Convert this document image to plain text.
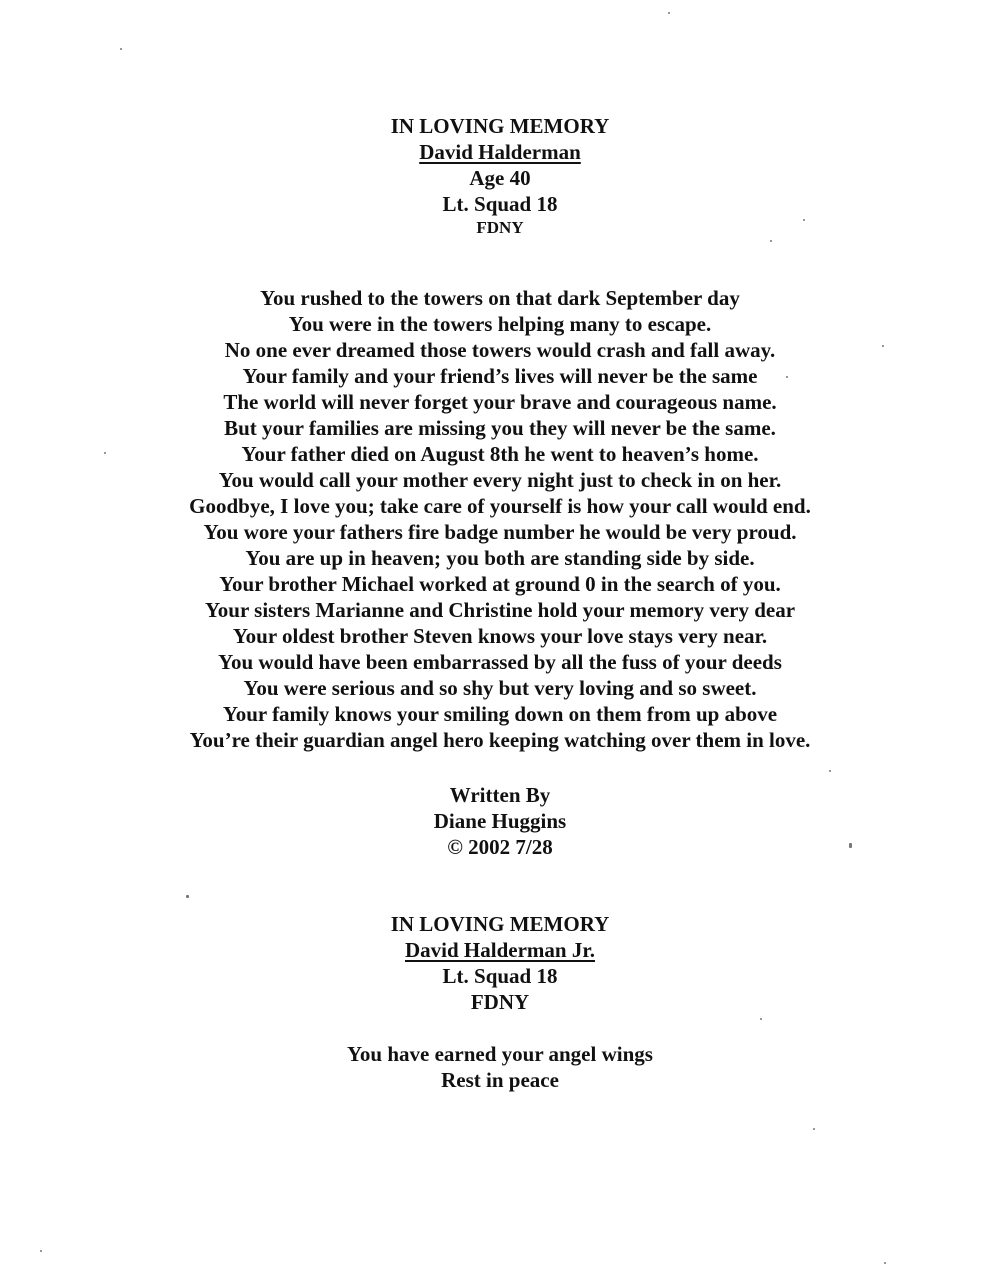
IN LOVING MEMORY
David Halderman
Age 40
Lt. Squad 18
FDNY
You rushed to the towers on that dark September day
You were in the towers helping many to escape.
No one ever dreamed those towers would crash and fall away.
Your family and your friend’s lives will never be the same
The world will never forget your brave and courageous name.
But your families are missing you they will never be the same.
Your father died on August 8th he went to heaven’s home.
You would call your mother every night just to check in on her.
Goodbye, I love you; take care of yourself is how your call would end.
You wore your fathers fire badge number he would be very proud.
You are up in heaven; you both are standing side by side.
Your brother Michael worked at ground 0 in the search of you.
Your sisters Marianne and Christine hold your memory very dear
Your oldest brother Steven knows your love stays very near.
You would have been embarrassed by all the fuss of your deeds
You were serious and so shy but very loving and so sweet.
Your family knows your smiling down on them from up above
You’re their guardian angel hero keeping watching over them in love.
Written By
Diane Huggins
© 2002 7/28
IN LOVING MEMORY
David Halderman Jr.
Lt. Squad 18
FDNY
You have earned your angel wings
Rest in peace
